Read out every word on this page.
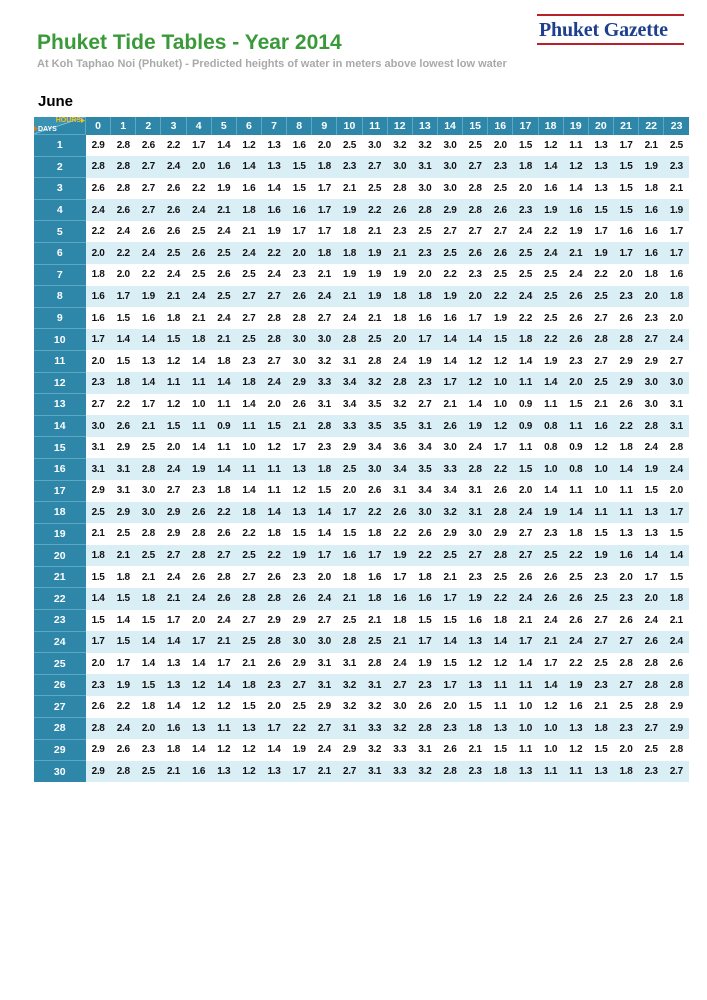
Phuket Tide Tables - Year 2014

At Koh Taphao Noi (Phuket) - Predicted heights of water in meters above lowest low water

Phuket Gazette
June
HOURS
DAYS	0	1	2	3	4	5	6	7	8	9	10	11	12	13	14	15	16	17	18	19	20	21	22	23
1	2.9	2.8	2.6	2.2	1.7	1.4	1.2	1.3	1.6	2.0	2.5	3.0	3.2	3.2	3.0	2.5	2.0	1.5	1.2	1.1	1.3	1.7	2.1	2.5
2	2.8	2.8	2.7	2.4	2.0	1.6	1.4	1.3	1.5	1.8	2.3	2.7	3.0	3.1	3.0	2.7	2.3	1.8	1.4	1.2	1.3	1.5	1.9	2.3
3	2.6	2.8	2.7	2.6	2.2	1.9	1.6	1.4	1.5	1.7	2.1	2.5	2.8	3.0	3.0	2.8	2.5	2.0	1.6	1.4	1.3	1.5	1.8	2.1
4	2.4	2.6	2.7	2.6	2.4	2.1	1.8	1.6	1.6	1.7	1.9	2.2	2.6	2.8	2.9	2.8	2.6	2.3	1.9	1.6	1.5	1.5	1.6	1.9
5	2.2	2.4	2.6	2.6	2.5	2.4	2.1	1.9	1.7	1.7	1.8	2.1	2.3	2.5	2.7	2.7	2.7	2.4	2.2	1.9	1.7	1.6	1.6	1.7
6	2.0	2.2	2.4	2.5	2.6	2.5	2.4	2.2	2.0	1.8	1.8	1.9	2.1	2.3	2.5	2.6	2.6	2.5	2.4	2.1	1.9	1.7	1.6	1.7
7	1.8	2.0	2.2	2.4	2.5	2.6	2.5	2.4	2.3	2.1	1.9	1.9	1.9	2.0	2.2	2.3	2.5	2.5	2.5	2.4	2.2	2.0	1.8	1.6
8	1.6	1.7	1.9	2.1	2.4	2.5	2.7	2.7	2.6	2.4	2.1	1.9	1.8	1.8	1.9	2.0	2.2	2.4	2.5	2.6	2.5	2.3	2.0	1.8
9	1.6	1.5	1.6	1.8	2.1	2.4	2.7	2.8	2.8	2.7	2.4	2.1	1.8	1.6	1.6	1.7	1.9	2.2	2.5	2.6	2.7	2.6	2.3	2.0
10	1.7	1.4	1.4	1.5	1.8	2.1	2.5	2.8	3.0	3.0	2.8	2.5	2.0	1.7	1.4	1.4	1.5	1.8	2.2	2.6	2.8	2.8	2.7	2.4
11	2.0	1.5	1.3	1.2	1.4	1.8	2.3	2.7	3.0	3.2	3.1	2.8	2.4	1.9	1.4	1.2	1.2	1.4	1.9	2.3	2.7	2.9	2.9	2.7
12	2.3	1.8	1.4	1.1	1.1	1.4	1.8	2.4	2.9	3.3	3.4	3.2	2.8	2.3	1.7	1.2	1.0	1.1	1.4	2.0	2.5	2.9	3.0	3.0
13	2.7	2.2	1.7	1.2	1.0	1.1	1.4	2.0	2.6	3.1	3.4	3.5	3.2	2.7	2.1	1.4	1.0	0.9	1.1	1.5	2.1	2.6	3.0	3.1
14	3.0	2.6	2.1	1.5	1.1	0.9	1.1	1.5	2.1	2.8	3.3	3.5	3.5	3.1	2.6	1.9	1.2	0.9	0.8	1.1	1.6	2.2	2.8	3.1
15	3.1	2.9	2.5	2.0	1.4	1.1	1.0	1.2	1.7	2.3	2.9	3.4	3.6	3.4	3.0	2.4	1.7	1.1	0.8	0.9	1.2	1.8	2.4	2.8
16	3.1	3.1	2.8	2.4	1.9	1.4	1.1	1.1	1.3	1.8	2.5	3.0	3.4	3.5	3.3	2.8	2.2	1.5	1.0	0.8	1.0	1.4	1.9	2.4
17	2.9	3.1	3.0	2.7	2.3	1.8	1.4	1.1	1.2	1.5	2.0	2.6	3.1	3.4	3.4	3.1	2.6	2.0	1.4	1.1	1.0	1.1	1.5	2.0
18	2.5	2.9	3.0	2.9	2.6	2.2	1.8	1.4	1.3	1.4	1.7	2.2	2.6	3.0	3.2	3.1	2.8	2.4	1.9	1.4	1.1	1.1	1.3	1.7
19	2.1	2.5	2.8	2.9	2.8	2.6	2.2	1.8	1.5	1.4	1.5	1.8	2.2	2.6	2.9	3.0	2.9	2.7	2.3	1.8	1.5	1.3	1.3	1.5
20	1.8	2.1	2.5	2.7	2.8	2.7	2.5	2.2	1.9	1.7	1.6	1.7	1.9	2.2	2.5	2.7	2.8	2.7	2.5	2.2	1.9	1.6	1.4	1.4
21	1.5	1.8	2.1	2.4	2.6	2.8	2.7	2.6	2.3	2.0	1.8	1.6	1.7	1.8	2.1	2.3	2.5	2.6	2.6	2.5	2.3	2.0	1.7	1.5
22	1.4	1.5	1.8	2.1	2.4	2.6	2.8	2.8	2.6	2.4	2.1	1.8	1.6	1.6	1.7	1.9	2.2	2.4	2.6	2.6	2.5	2.3	2.0	1.8
23	1.5	1.4	1.5	1.7	2.0	2.4	2.7	2.9	2.9	2.7	2.5	2.1	1.8	1.5	1.5	1.6	1.8	2.1	2.4	2.6	2.7	2.6	2.4	2.1
24	1.7	1.5	1.4	1.4	1.7	2.1	2.5	2.8	3.0	3.0	2.8	2.5	2.1	1.7	1.4	1.3	1.4	1.7	2.1	2.4	2.7	2.7	2.6	2.4
25	2.0	1.7	1.4	1.3	1.4	1.7	2.1	2.6	2.9	3.1	3.1	2.8	2.4	1.9	1.5	1.2	1.2	1.4	1.7	2.2	2.5	2.8	2.8	2.6
26	2.3	1.9	1.5	1.3	1.2	1.4	1.8	2.3	2.7	3.1	3.2	3.1	2.7	2.3	1.7	1.3	1.1	1.1	1.4	1.9	2.3	2.7	2.8	2.8
27	2.6	2.2	1.8	1.4	1.2	1.2	1.5	2.0	2.5	2.9	3.2	3.2	3.0	2.6	2.0	1.5	1.1	1.0	1.2	1.6	2.1	2.5	2.8	2.9
28	2.8	2.4	2.0	1.6	1.3	1.1	1.3	1.7	2.2	2.7	3.1	3.3	3.2	2.8	2.3	1.8	1.3	1.0	1.0	1.3	1.8	2.3	2.7	2.9
29	2.9	2.6	2.3	1.8	1.4	1.2	1.2	1.4	1.9	2.4	2.9	3.2	3.3	3.1	2.6	2.1	1.5	1.1	1.0	1.2	1.5	2.0	2.5	2.8
30	2.9	2.8	2.5	2.1	1.6	1.3	1.2	1.3	1.7	2.1	2.7	3.1	3.3	3.2	2.8	2.3	1.8	1.3	1.1	1.1	1.3	1.8	2.3	2.7
